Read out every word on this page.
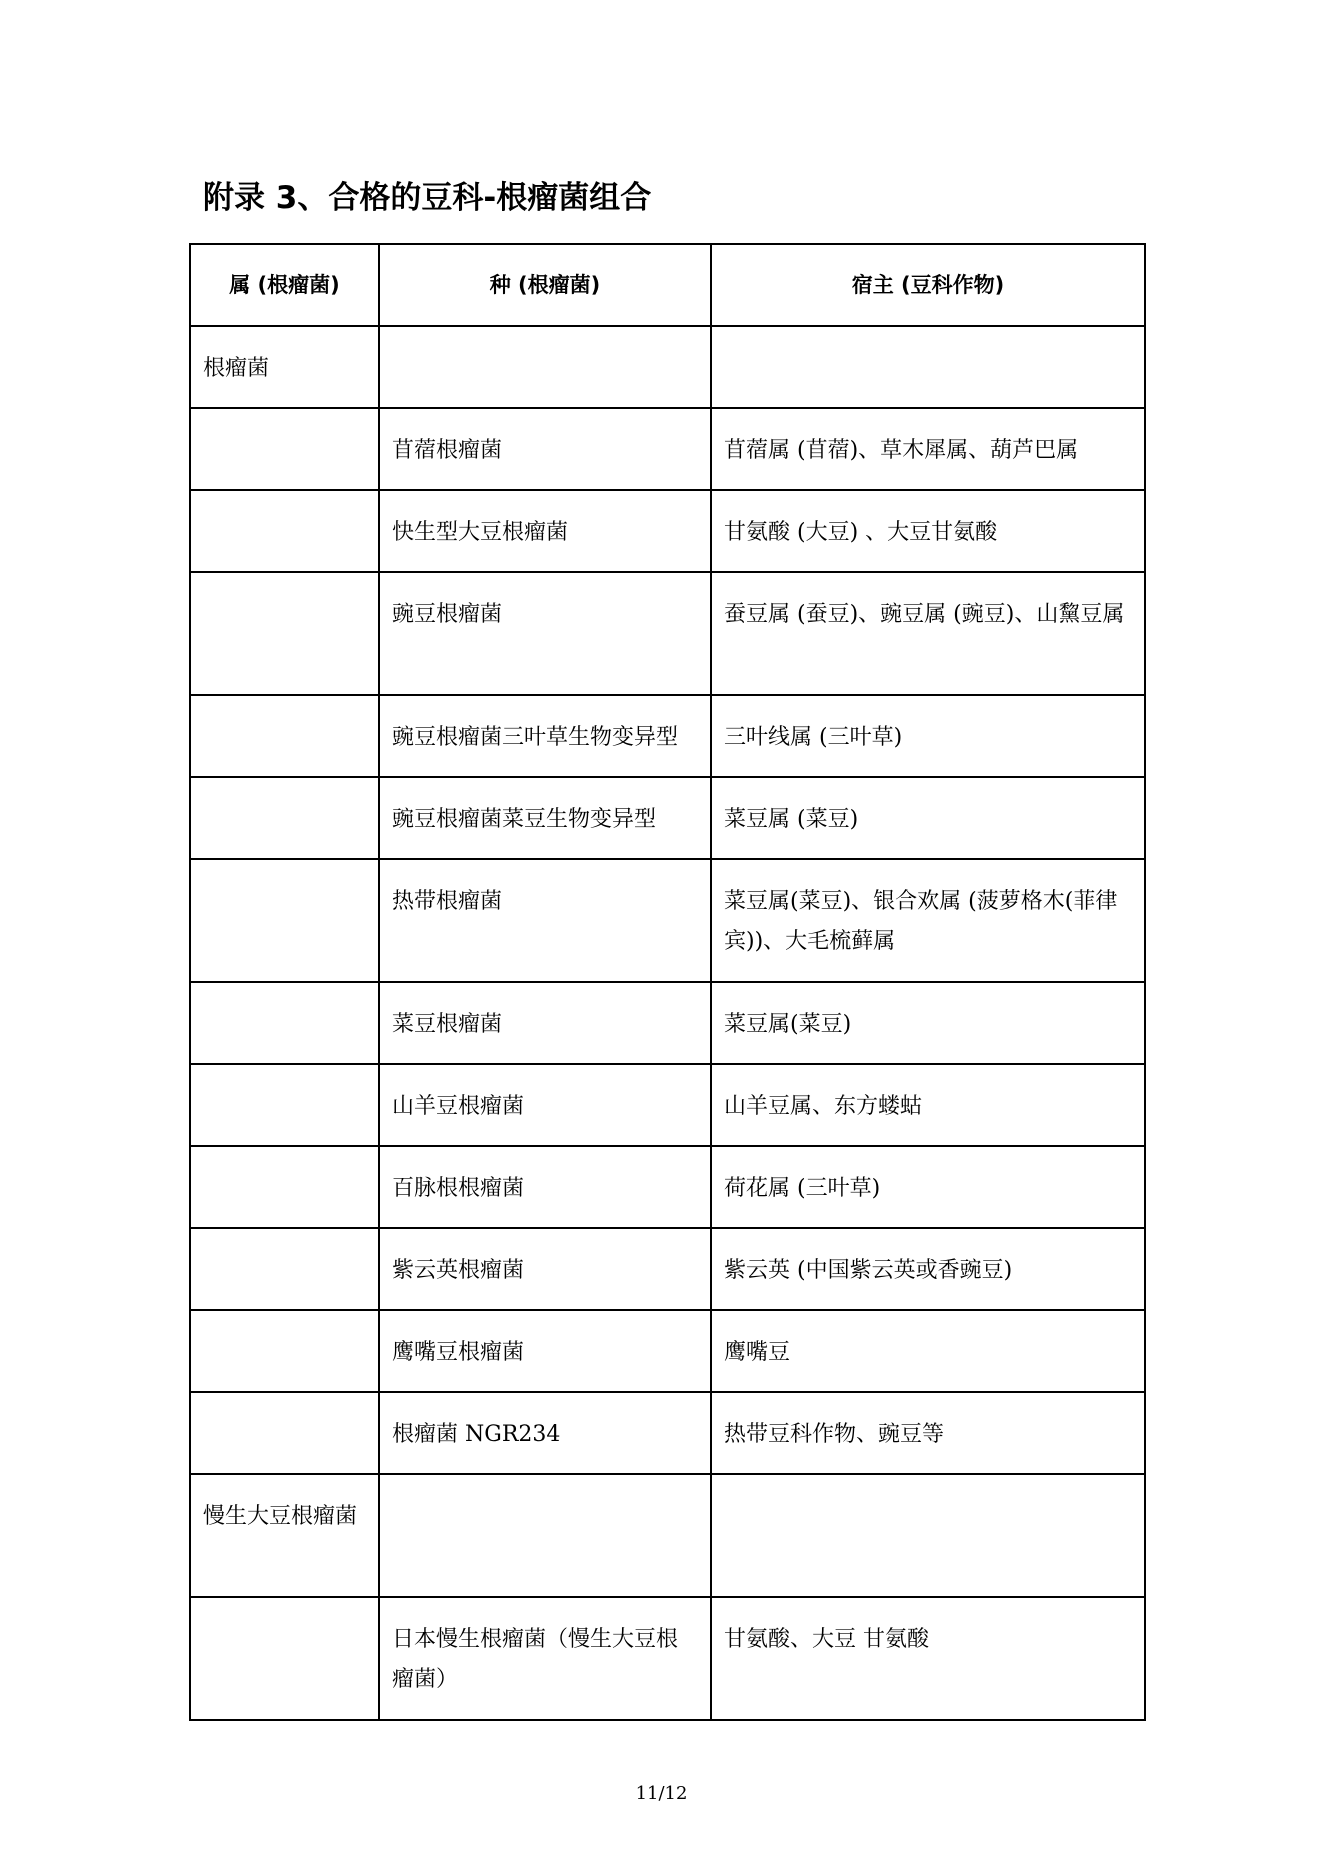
附录 3、合格的豆科-根瘤菌组合
属 (根瘤菌)	种 (根瘤菌)	宿主 (豆科作物)
根瘤菌		
	苜蓿根瘤菌	苜蓿属 (苜蓿)、草木犀属、葫芦巴属
	快生型大豆根瘤菌	甘氨酸 (大豆) 、大豆甘氨酸
	豌豆根瘤菌	蚕豆属 (蚕豆)、豌豆属 (豌豆)、山黧豆属
	豌豆根瘤菌三叶草生物变异型	三叶线属 (三叶草)
	豌豆根瘤菌菜豆生物变异型	菜豆属 (菜豆)
	热带根瘤菌	菜豆属(菜豆)、银合欢属 (菠萝格木(菲律宾))、大毛梳藓属
	菜豆根瘤菌	菜豆属(菜豆)
	山羊豆根瘤菌	山羊豆属、东方蝼蛄
	百脉根根瘤菌	荷花属 (三叶草)
	紫云英根瘤菌	紫云英 (中国紫云英或香豌豆)
	鹰嘴豆根瘤菌	鹰嘴豆
	根瘤菌 NGR234	热带豆科作物、豌豆等
慢生大豆根瘤菌		
	日本慢生根瘤菌（慢生大豆根瘤菌）	甘氨酸、大豆 甘氨酸
11/12
